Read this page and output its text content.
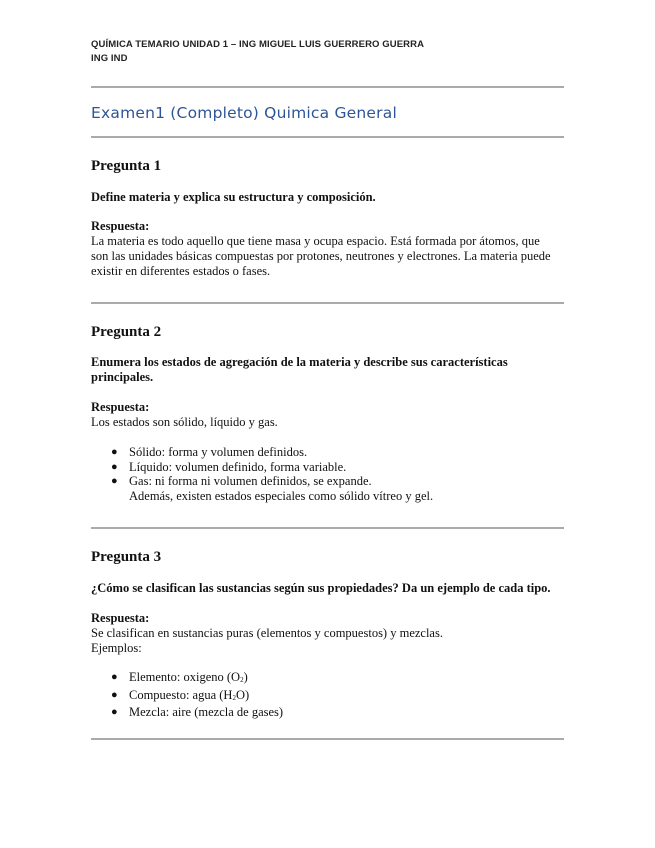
QUÍMICA TEMARIO UNIDAD 1 – ING MIGUEL LUIS GUERRERO GUERRA
ING IND
Examen1 (Completo) Quimica General
Pregunta 1
Define materia y explica su estructura y composición.
Respuesta:
La materia es todo aquello que tiene masa y ocupa espacio. Está formada por átomos, que
son las unidades básicas compuestas por protones, neutrones y electrones. La materia puede
existir en diferentes estados o fases.
Pregunta 2
Enumera los estados de agregación de la materia y describe sus características
principales.
Respuesta:
Los estados son sólido, líquido y gas.
● Sólido: forma y volumen definidos.
● Líquido: volumen definido, forma variable.
● Gas: ni forma ni volumen definidos, se expande.
Además, existen estados especiales como sólido vítreo y gel.
Pregunta 3
¿Cómo se clasifican las sustancias según sus propiedades? Da un ejemplo de cada tipo.
Respuesta:
Se clasifican en sustancias puras (elementos y compuestos) y mezclas.
Ejemplos:
● Elemento: oxigeno $(O_2)$
● Compuesto: agua $(H_2O)$
● Mezcla: aire (mezcla de gases)
